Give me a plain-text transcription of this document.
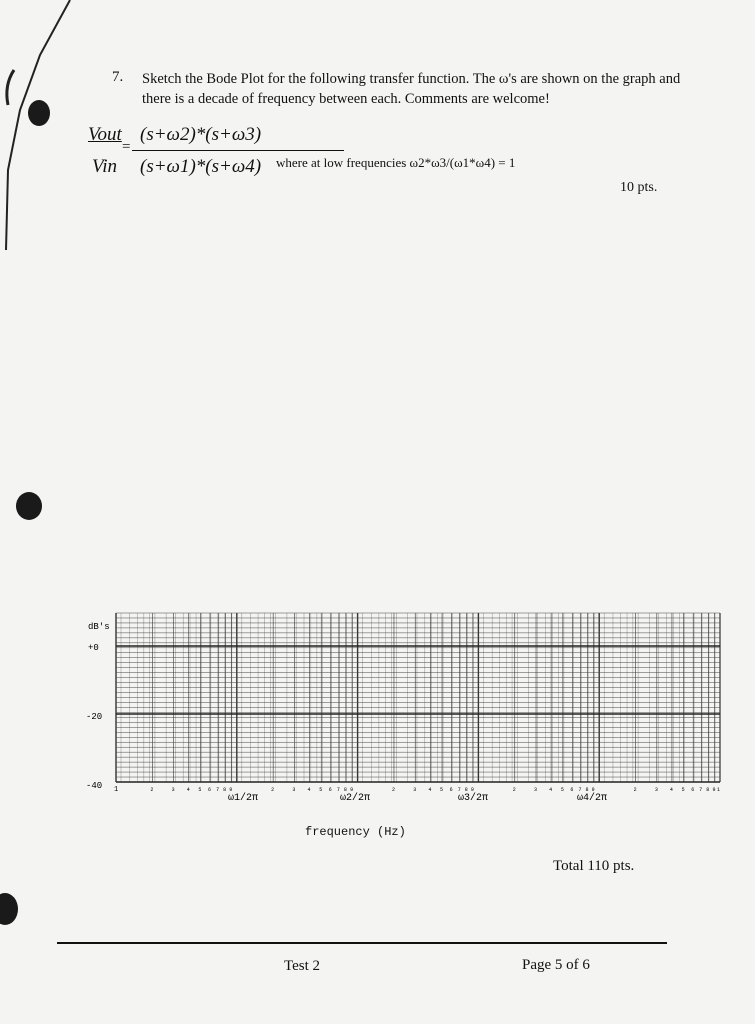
7. Sketch the Bode Plot for the following transfer function. The ω's are shown on the graph and there is a decade of frequency between each. Comments are welcome!
Vout (s+ω2)*(s+ω3)
=
Vin (s+ω1)*(s+ω4) where at low frequencies ω2*ω3/(ω1*ω4) = 1
10 pts.
dB's
+0
-20
-40 1	2	3 4 5 6 7 8 9	2	3 4 5 6 7 8 9	2	3 4 5 6 7 8 9	2	3 4 5 6 7 8 9	2	3 4 5 6 7 8 9 1
ω1/2π	ω2/2π	ω3/2π	ω4/2π
frequency (Hz)
Total 110 pts.
Test 2	Page 5 of 6
